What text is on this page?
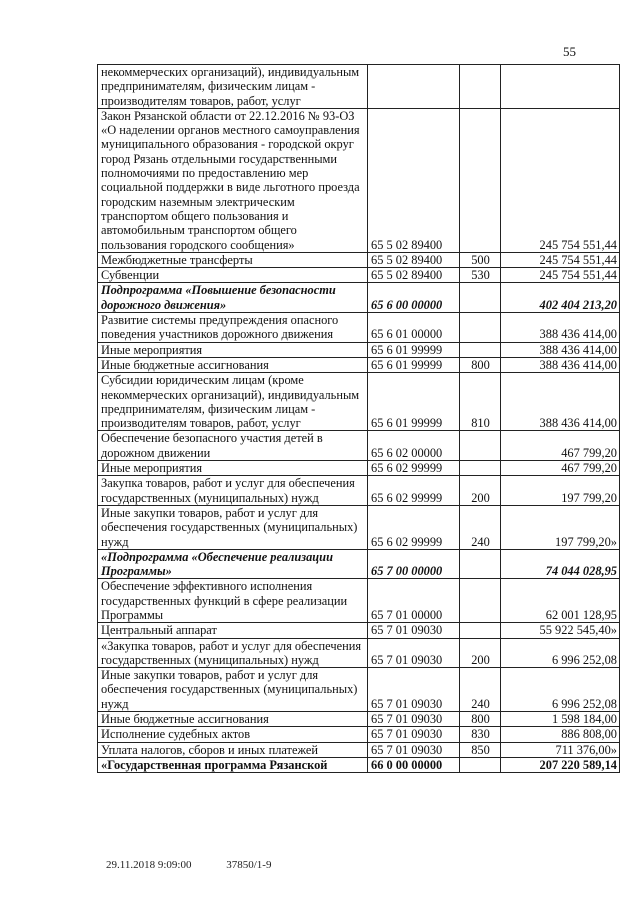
55
некоммерческих организаций), индивидуальным предпринимателям, физическим лицам - производителям товаров, работ, услуг			
Закон Рязанской области от 22.12.2016 № 93-ОЗ «О наделении органов местного самоуправления муниципального образования - городской округ город Рязань отдельными государственными полномочиями по предоставлению мер социальной поддержки в виде льготного проезда городским наземным электрическим транспортом общего пользования и автомобильным транспортом общего пользования городского сообщения»	65 5 02 89400		245 754 551,44
Межбюджетные трансферты	65 5 02 89400	500	245 754 551,44
Субвенции	65 5 02 89400	530	245 754 551,44
Подпрограмма «Повышение безопасности дорожного движения»	65 6 00 00000		402 404 213,20
Развитие системы предупреждения опасного поведения участников дорожного движения	65 6 01 00000		388 436 414,00
Иные мероприятия	65 6 01 99999		388 436 414,00
Иные бюджетные ассигнования	65 6 01 99999	800	388 436 414,00
Субсидии юридическим лицам (кроме некоммерческих организаций), индивидуальным предпринимателям, физическим лицам - производителям товаров, работ, услуг	65 6 01 99999	810	388 436 414,00
Обеспечение безопасного участия детей в дорожном движении	65 6 02 00000		467 799,20
Иные мероприятия	65 6 02 99999		467 799,20
Закупка товаров, работ и услуг для обеспечения государственных (муниципальных) нужд	65 6 02 99999	200	197 799,20
Иные закупки товаров, работ и услуг для обеспечения государственных (муниципальных) нужд	65 6 02 99999	240	197 799,20»
«Подпрограмма «Обеспечение реализации Программы»	65 7 00 00000		74 044 028,95
Обеспечение эффективного исполнения государственных функций в сфере реализации Программы	65 7 01 00000		62 001 128,95
Центральный аппарат	65 7 01 09030		55 922 545,40»
«Закупка товаров, работ и услуг для обеспечения государственных (муниципальных) нужд	65 7 01 09030	200	6 996 252,08
Иные закупки товаров, работ и услуг для обеспечения государственных (муниципальных) нужд	65 7 01 09030	240	6 996 252,08
Иные бюджетные ассигнования	65 7 01 09030	800	1 598 184,00
Исполнение судебных актов	65 7 01 09030	830	886 808,00
Уплата налогов, сборов и иных платежей	65 7 01 09030	850	711 376,00»
«Государственная программа Рязанской	66 0 00 00000		207 220 589,14
29.11.2018 9:09:00	37850/1-9
